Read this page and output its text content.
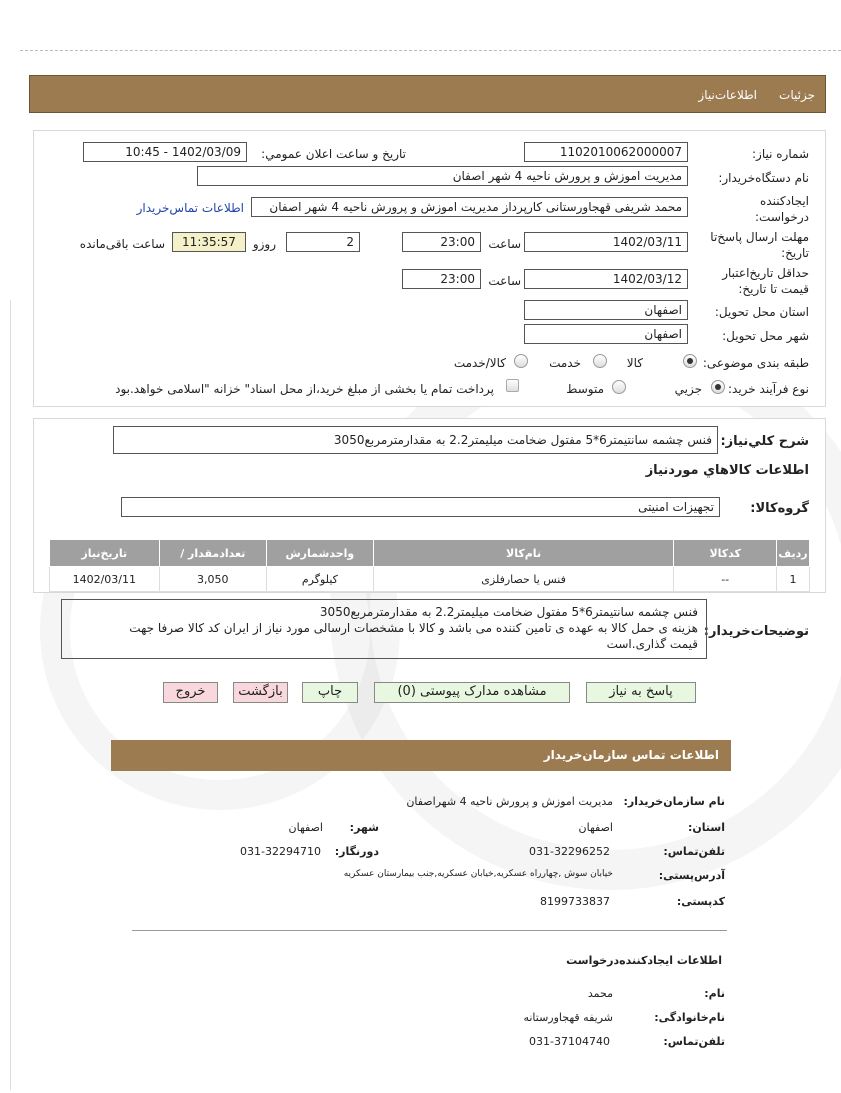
جزئیات
اطلاعات‌نیاز
شماره نیاز:
1102010062000007
تاریخ و ساعت اعلان عمومي:
1402/03/09 - 10:45
نام دستگاه‌خریدار:
مدیریت اموزش و پرورش ناحیه 4 شهر اصفان
ایجادکننده
درخواست:
محمد شریفی قهجاورستانی کارپرداز مدیریت اموزش و پرورش ناحیه 4 شهر اصفان
اطلاعات تماس‌خریدار
مهلت ارسال پاسخ‌تا
تاریخ:
1402/03/11
ساعت
23:00
2
روزو
11:35:57
ساعت باقی‌مانده
حداقل تاریخ‌اعتبار
قیمت تا تاریخ:
1402/03/12
ساعت
23:00
استان محل تحویل:
اصفهان
شهر محل تحویل:
اصفهان
طبقه بندی موضوعی:
کالا
خدمت
کالا/خدمت
نوع فرآیند خرید:
جزیي
متوسط
پرداخت تمام یا بخشی از مبلغ خرید،از محل اسناد" خزانه "اسلامی خواهد.بود
شرح کلي‌نیاز:
فنس چشمه سانتیمتر6*5 مفتول ضخامت میلیمتر2.2 به مقدارمترمربع3050
اطلاعات کالاهاي موردنیاز
گروه‌کالا:
تجهیزات امنیتی
ردیف	کدکالا	نام‌کالا	واحدشمارش	تعدادمقدار /	تاریخ‌نیاز
1	--	فنس یا حصارفلزی	کیلوگرم	3,050	1402/03/11
توضیحات‌خریدار:
فنس چشمه سانتیمتر6*5 مفتول ضخامت میلیمتر2.2 به مقدارمترمربع3050
هزینه ی حمل کالا به عهده ی تامین کننده می باشد و کالا با مشخصات ارسالی مورد نیاز از ایران کد کالا صرفا جهت
قیمت گذاری.است
پاسخ به نیاز
مشاهده مدارک پیوستی (0)
چاپ
بازگشت
خروج
اطلاعات تماس سازمان‌خریدار
نام سازمان‌خریدار:
مدیریت اموزش و پرورش ناحیه 4 شهراصفان
استان:
اصفهان
شهر:
اصفهان
تلفن‌تماس:
031-32296252
دورنگار:
031-32294710
آدرس‌پستی:
خیابان سوش ,چهارراه عسکریه,خیابان عسکریه,جنب بیمارستان عسکریه
کدپستی:
8199733837
اطلاعات ایجادکننده‌درخواست
نام:
محمد
نام‌خانوادگی:
شریفه قهجاورستانه
تلفن‌تماس:
031-37104740
